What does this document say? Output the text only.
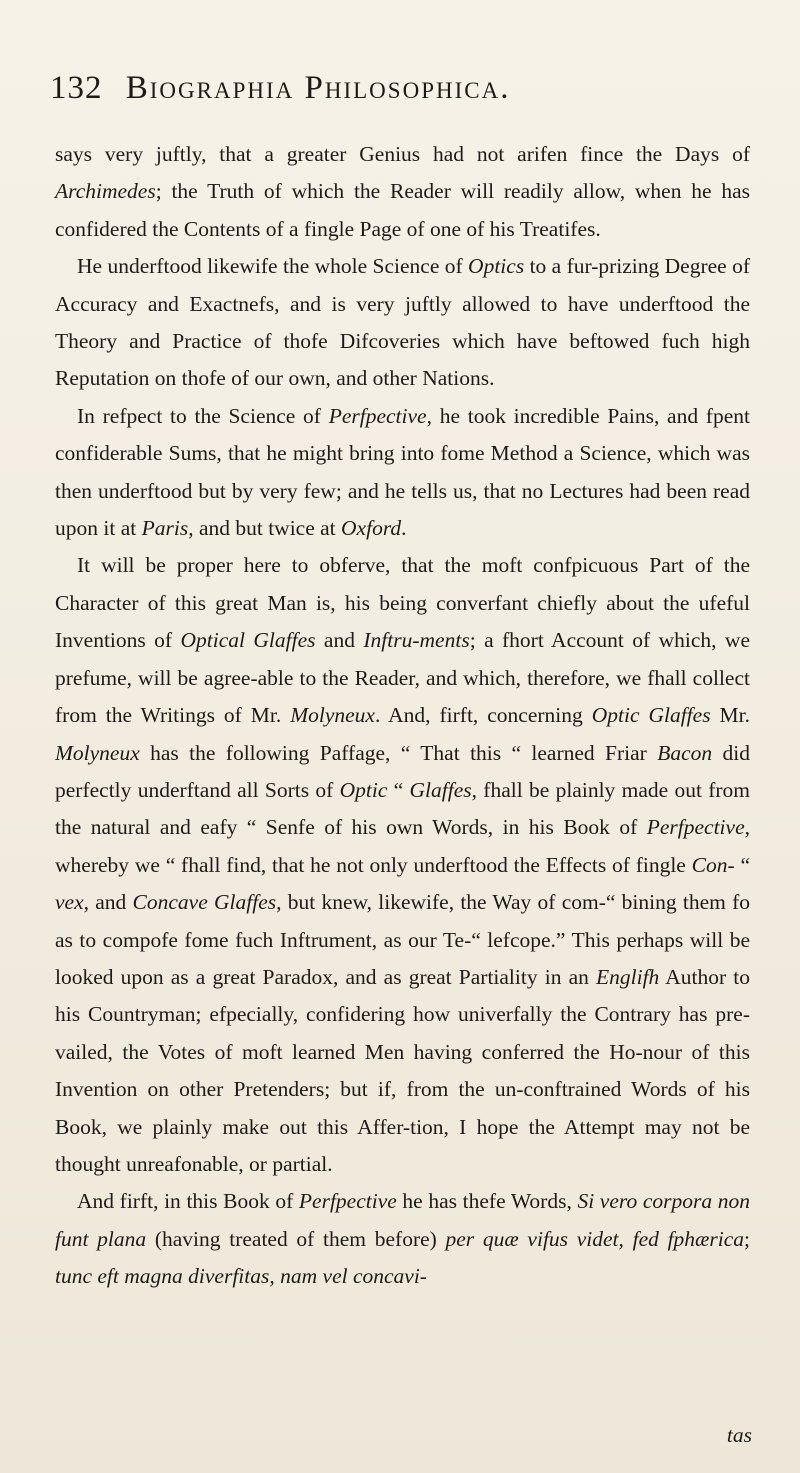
132 Biographia Philosophica.

says very juftly, that a greater Genius had not arifen fince the Days of Archimedes; the Truth of which the Reader will readily allow, when he has confidered the Contents of a fingle Page of one of his Treatifes.

He underftood likewife the whole Science of Optics to a fur-prizing Degree of Accuracy and Exactnefs, and is very juftly allowed to have underftood the Theory and Practice of thofe Difcoveries which have beftowed fuch high Reputation on thofe of our own, and other Nations.

In refpect to the Science of Perfpective, he took incredible Pains, and fpent confiderable Sums, that he might bring into fome Method a Science, which was then underftood but by very few; and he tells us, that no Lectures had been read upon it at Paris, and but twice at Oxford.

It will be proper here to obferve, that the moft confpicuous Part of the Character of this great Man is, his being converfant chiefly about the ufeful Inventions of Optical Glaffes and Inftru-ments; a fhort Account of which, we prefume, will be agree-able to the Reader, and which, therefore, we fhall collect from the Writings of Mr. Molyneux. And, firft, concerning Optic Glaffes Mr. Molyneux has the following Paffage, “ That this “ learned Friar Bacon did perfectly underftand all Sorts of Optic “ Glaffes, fhall be plainly made out from the natural and eafy “ Senfe of his own Words, in his Book of Perfpective, whereby we “ fhall find, that he not only underftood the Effects of fingle Con- “ vex, and Concave Glaffes, but knew, likewife, the Way of com-“ bining them fo as to compofe fome fuch Inftrument, as our Te-“ lefcope.” This perhaps will be looked upon as a great Paradox, and as great Partiality in an Englifh Author to his Countryman; efpecially, confidering how univerfally the Contrary has pre-vailed, the Votes of moft learned Men having conferred the Ho-nour of this Invention on other Pretenders; but if, from the un-conftrained Words of his Book, we plainly make out this Affer-tion, I hope the Attempt may not be thought unreafonable, or partial.

And firft, in this Book of Perfpective he has thefe Words, Si vero corpora non funt plana (having treated of them before) per quæ vifus videt, fed fphærica; tunc eft magna diverfitas, nam vel concavi-

tas
